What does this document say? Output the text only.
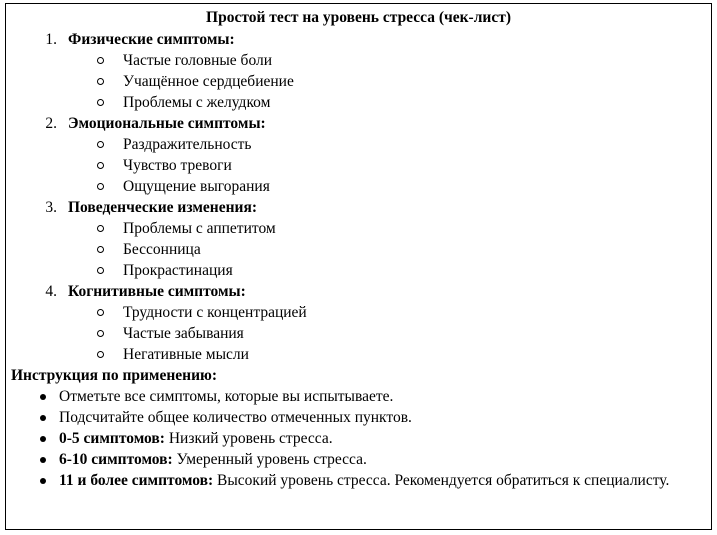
Простой тест на уровень стресса (чек-лист)
1. Физические симптомы:
Частые головные боли
Учащённое сердцебиение
Проблемы с желудком
2. Эмоциональные симптомы:
Раздражительность
Чувство тревоги
Ощущение выгорания
3. Поведенческие изменения:
Проблемы с аппетитом
Бессонница
Прокрастинация
4. Когнитивные симптомы:
Трудности с концентрацией
Частые забывания
Негативные мысли
Инструкция по применению:
Отметьте все симптомы, которые вы испытываете.
Подсчитайте общее количество отмеченных пунктов.
0-5 симптомов: Низкий уровень стресса.
6-10 симптомов: Умеренный уровень стресса.
11 и более симптомов: Высокий уровень стресса. Рекомендуется обратиться к специалисту.
